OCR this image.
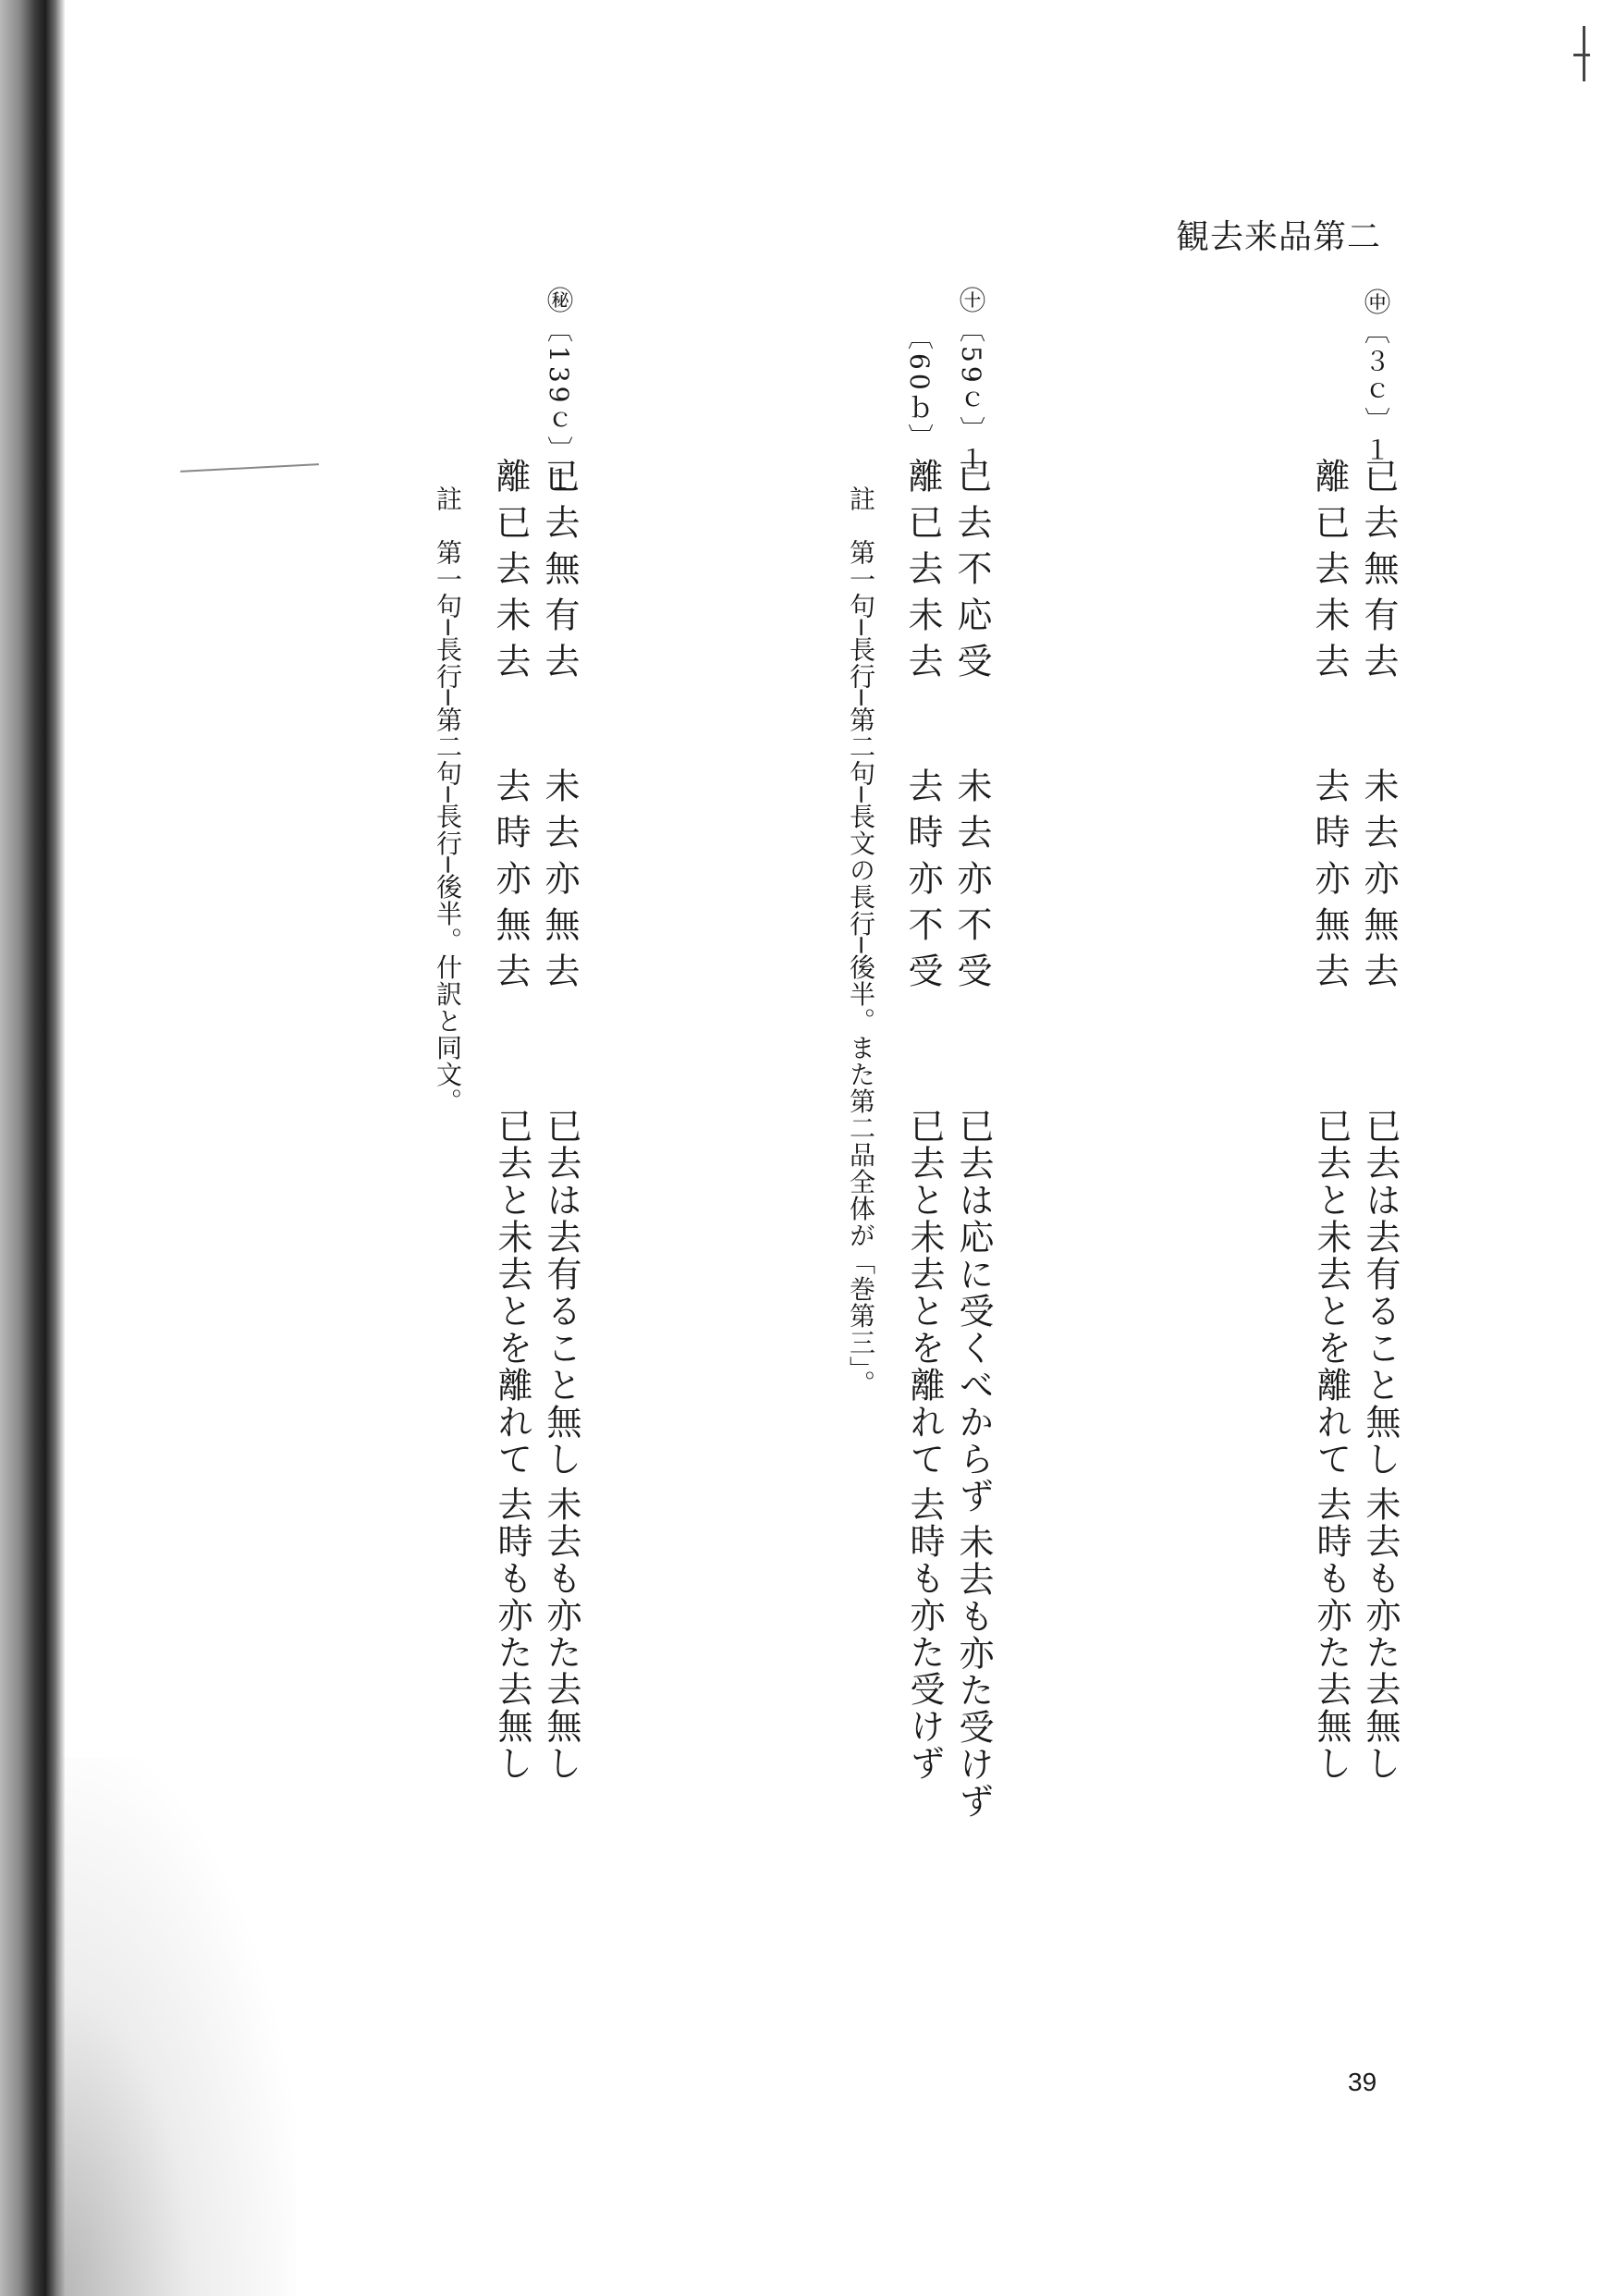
観去来品第二
㊥〔３ｃ〕１
已去無有去
未去亦無去
離已去未去
去時亦無去
已去は去有ること無し
未去も亦た去無し
已去と未去とを離れて
去時も亦た去無し
㊉〔59ｃ〕１
〔60ｂ〕
已去不応受
未去亦不受
離已去未去
去時亦不受
已去は応に受くべからず
未去も亦た受けず
已去と未去とを離れて
去時も亦た受けず
註　第一句─長行─第二句─長文の長行─後半。また第二品全体が「巻第三」。
㊙〔139ｃ〕１
已去無有去
未去亦無去
離已去未去
去時亦無去
已去は去有ること無し
未去も亦た去無し
已去と未去とを離れて
去時も亦た去無し
註　第一句─長行─第二句─長行─後半。什訳と同文。
39
